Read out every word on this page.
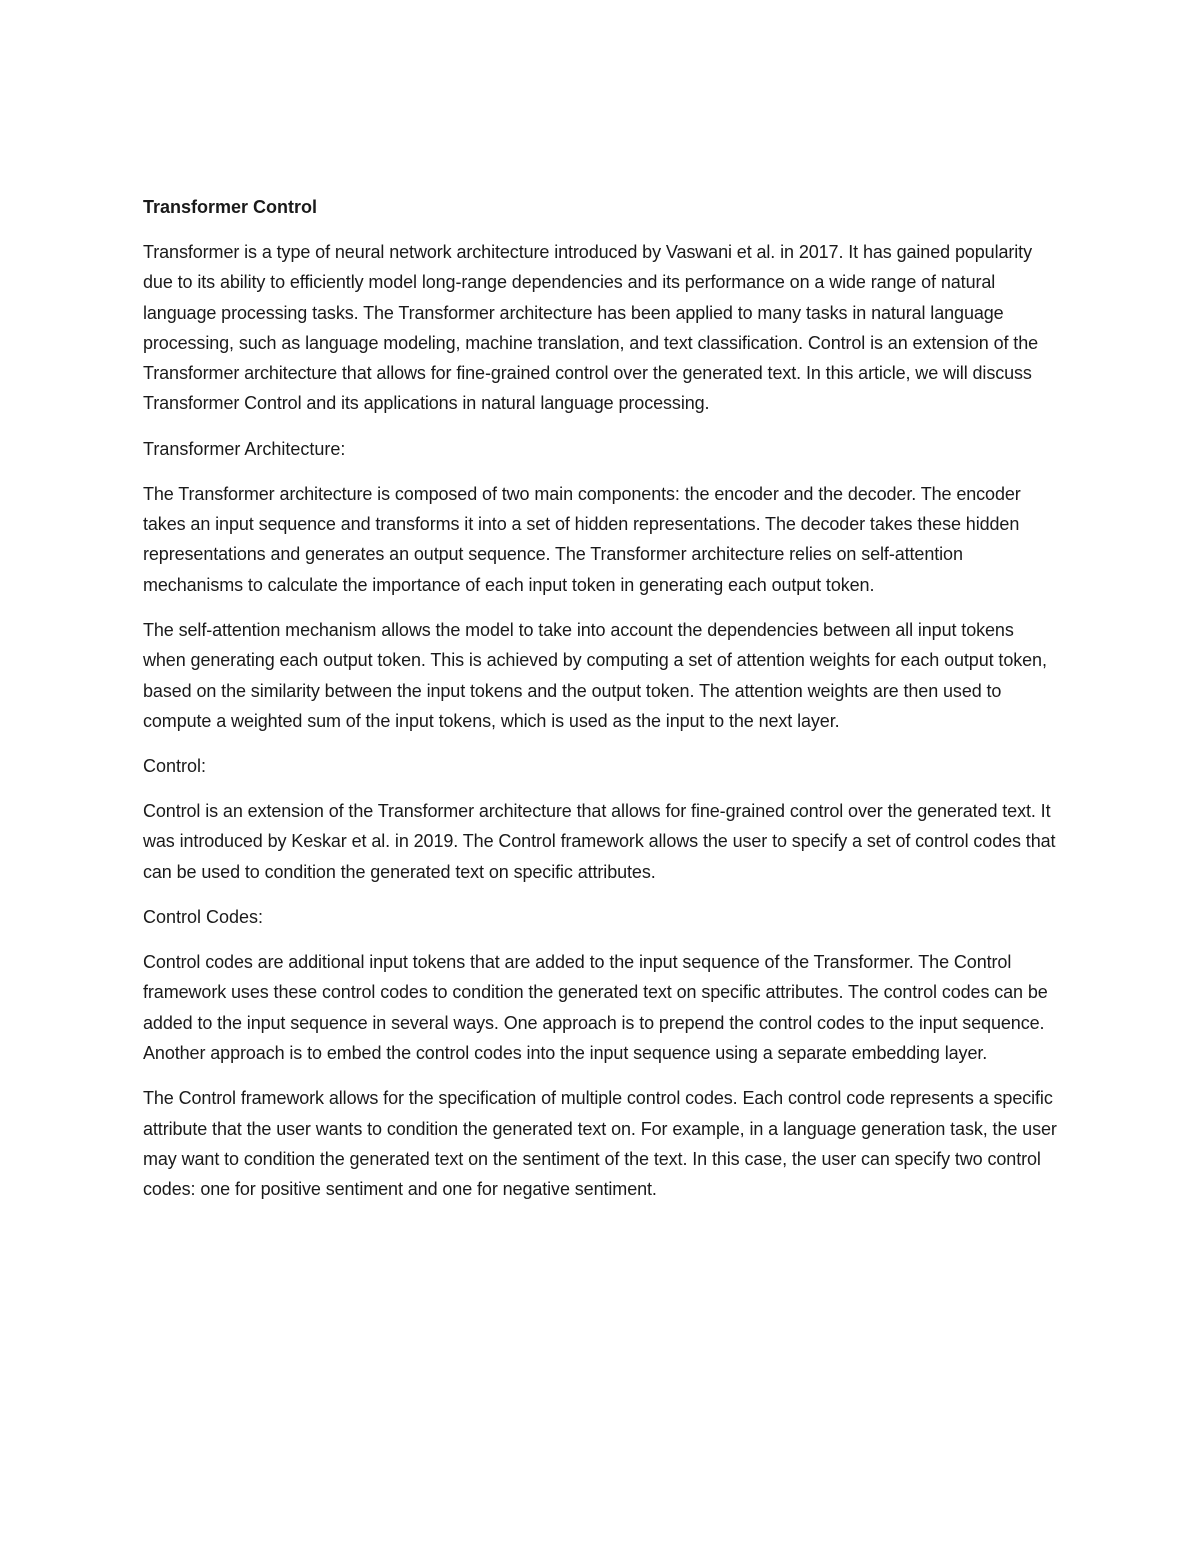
Transformer Control
Transformer is a type of neural network architecture introduced by Vaswani et al. in 2017. It has gained popularity due to its ability to efficiently model long-range dependencies and its performance on a wide range of natural language processing tasks. The Transformer architecture has been applied to many tasks in natural language processing, such as language modeling, machine translation, and text classification. Control is an extension of the Transformer architecture that allows for fine-grained control over the generated text. In this article, we will discuss Transformer Control and its applications in natural language processing.
Transformer Architecture:
The Transformer architecture is composed of two main components: the encoder and the decoder. The encoder takes an input sequence and transforms it into a set of hidden representations. The decoder takes these hidden representations and generates an output sequence. The Transformer architecture relies on self-attention mechanisms to calculate the importance of each input token in generating each output token.
The self-attention mechanism allows the model to take into account the dependencies between all input tokens when generating each output token. This is achieved by computing a set of attention weights for each output token, based on the similarity between the input tokens and the output token. The attention weights are then used to compute a weighted sum of the input tokens, which is used as the input to the next layer.
Control:
Control is an extension of the Transformer architecture that allows for fine-grained control over the generated text. It was introduced by Keskar et al. in 2019. The Control framework allows the user to specify a set of control codes that can be used to condition the generated text on specific attributes.
Control Codes:
Control codes are additional input tokens that are added to the input sequence of the Transformer. The Control framework uses these control codes to condition the generated text on specific attributes. The control codes can be added to the input sequence in several ways. One approach is to prepend the control codes to the input sequence. Another approach is to embed the control codes into the input sequence using a separate embedding layer.
The Control framework allows for the specification of multiple control codes. Each control code represents a specific attribute that the user wants to condition the generated text on. For example, in a language generation task, the user may want to condition the generated text on the sentiment of the text. In this case, the user can specify two control codes: one for positive sentiment and one for negative sentiment.
